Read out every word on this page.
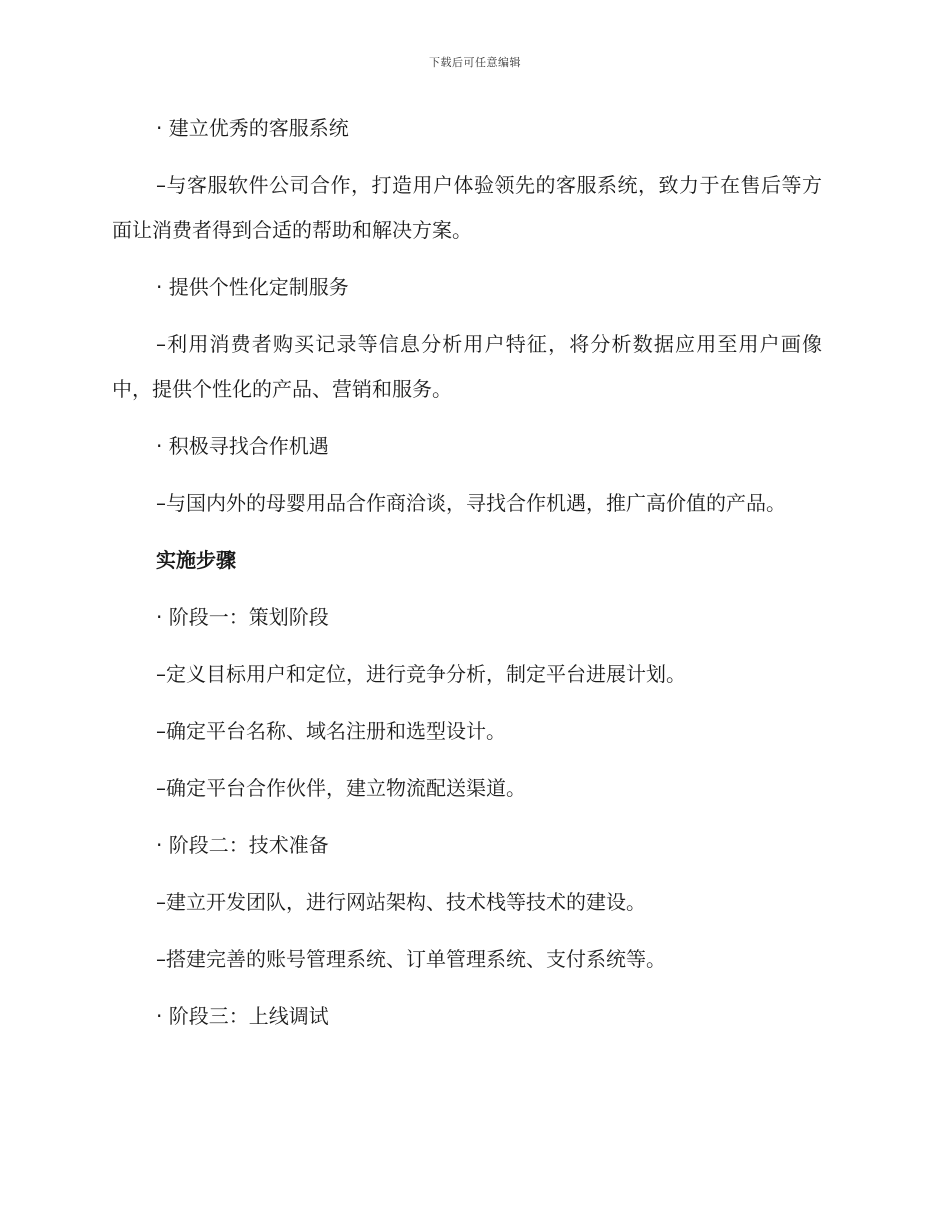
下载后可任意编辑

· 建立优秀的客服系统

–与客服软件公司合作，打造用户体验领先的客服系统，致力于在售后等方面让消费者得到合适的帮助和解决方案。

· 提供个性化定制服务

–利用消费者购买记录等信息分析用户特征，将分析数据应用至用户画像中，提供个性化的产品、营销和服务。

· 积极寻找合作机遇

–与国内外的母婴用品合作商洽谈，寻找合作机遇，推广高价值的产品。

实施步骤

· 阶段一：策划阶段

–定义目标用户和定位，进行竞争分析，制定平台进展计划。

–确定平台名称、域名注册和选型设计。

–确定平台合作伙伴，建立物流配送渠道。

· 阶段二：技术准备

–建立开发团队，进行网站架构、技术栈等技术的建设。

–搭建完善的账号管理系统、订单管理系统、支付系统等。

· 阶段三：上线调试
